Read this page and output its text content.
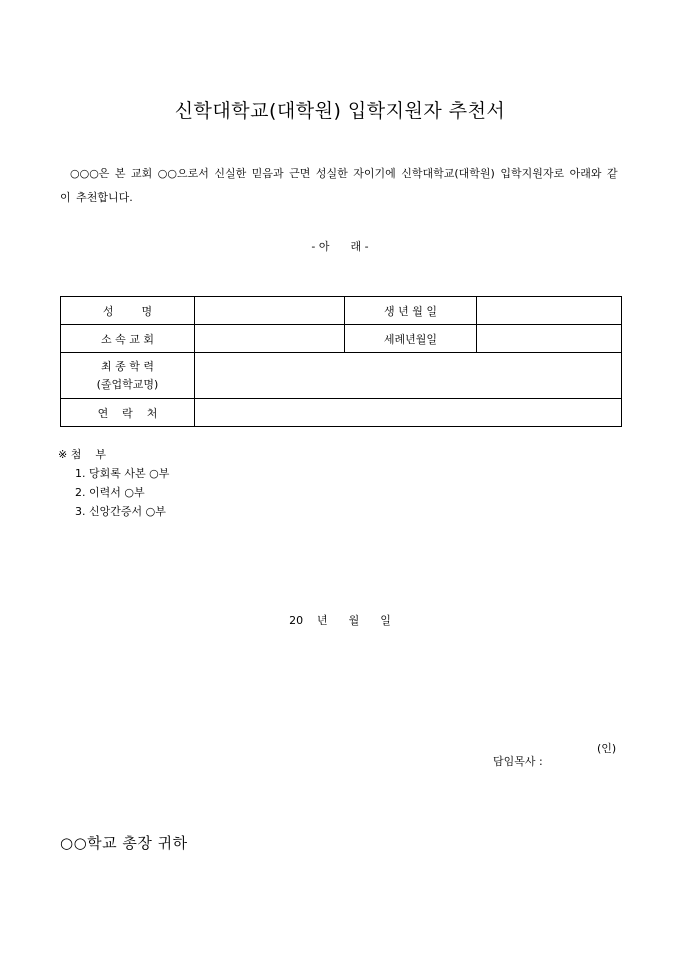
신학대학교(대학원) 입학지원자 추천서
○○○은 본 교회 ○○으로서 신실한 믿음과 근면 성실한 자이기에 신학대학교(대학원) 입학지원자로 아래와 같이 추천합니다.
- 아      래 -
성        명		생 년 월 일	
소 속 교 회		세례년월일	

최 종 학 력
(졸업학교명)			

연    락    처			
※ 첨    부
1. 당회록 사본 ○부
2. 이력서 ○부
3. 신앙간증서 ○부
20    년      월      일

담임목사 :

(인)

○○학교 총장 귀하
